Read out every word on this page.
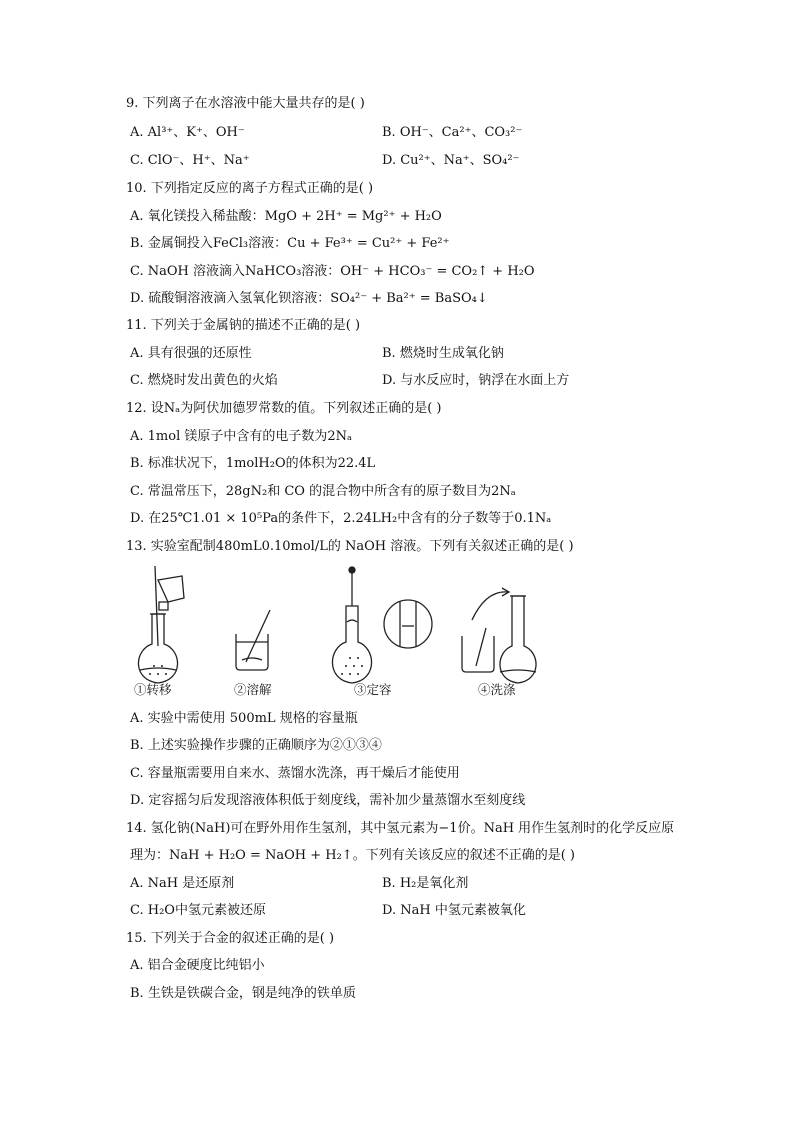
9. 下列离子在水溶液中能大量共存的是( )
A. Al³⁺、K⁺、OH⁻	B. OH⁻、Ca²⁺、CO₃²⁻
C. ClO⁻、H⁺、Na⁺	D. Cu²⁺、Na⁺、SO₄²⁻
10. 下列指定反应的离子方程式正确的是( )
A. 氧化镁投入稀盐酸：MgO + 2H⁺ = Mg²⁺ + H₂O
B. 金属铜投入FeCl₃溶液：Cu + Fe³⁺ = Cu²⁺ + Fe²⁺
C. NaOH 溶液滴入NaHCO₃溶液：OH⁻ + HCO₃⁻ = CO₂↑ + H₂O
D. 硫酸铜溶液滴入氢氧化钡溶液：SO₄²⁻ + Ba²⁺ = BaSO₄↓
11. 下列关于金属钠的描述不正确的是( )
A. 具有很强的还原性	B. 燃烧时生成氧化钠
C. 燃烧时发出黄色的火焰	D. 与水反应时，钠浮在水面上方
12. 设Nₐ为阿伏加德罗常数的值。下列叙述正确的是( )
A. 1mol 镁原子中含有的电子数为2Nₐ
B. 标准状况下，1molH₂O的体积为22.4L
C. 常温常压下，28gN₂和 CO 的混合物中所含有的原子数目为2Nₐ
D. 在25℃1.01 × 10⁵Pa的条件下，2.24LH₂中含有的分子数等于0.1Nₐ
13. 实验室配制480mL0.10mol/L的 NaOH 溶液。下列有关叙述正确的是( )
①转移	②溶解	③定容	④洗涤
A. 实验中需使用 500mL 规格的容量瓶
B. 上述实验操作步骤的正确顺序为②①③④
C. 容量瓶需要用自来水、蒸馏水洗涤，再干燥后才能使用
D. 定容摇匀后发现溶液体积低于刻度线，需补加少量蒸馏水至刻度线
14. 氢化钠(NaH)可在野外用作生氢剂，其中氢元素为−1价。NaH 用作生氢剂时的化学反应原
理为：NaH + H₂O = NaOH + H₂↑。下列有关该反应的叙述不正确的是( )
A. NaH 是还原剂	B. H₂是氧化剂
C. H₂O中氢元素被还原	D. NaH 中氢元素被氧化
15. 下列关于合金的叙述正确的是( )
A. 铝合金硬度比纯铝小
B. 生铁是铁碳合金，钢是纯净的铁单质
